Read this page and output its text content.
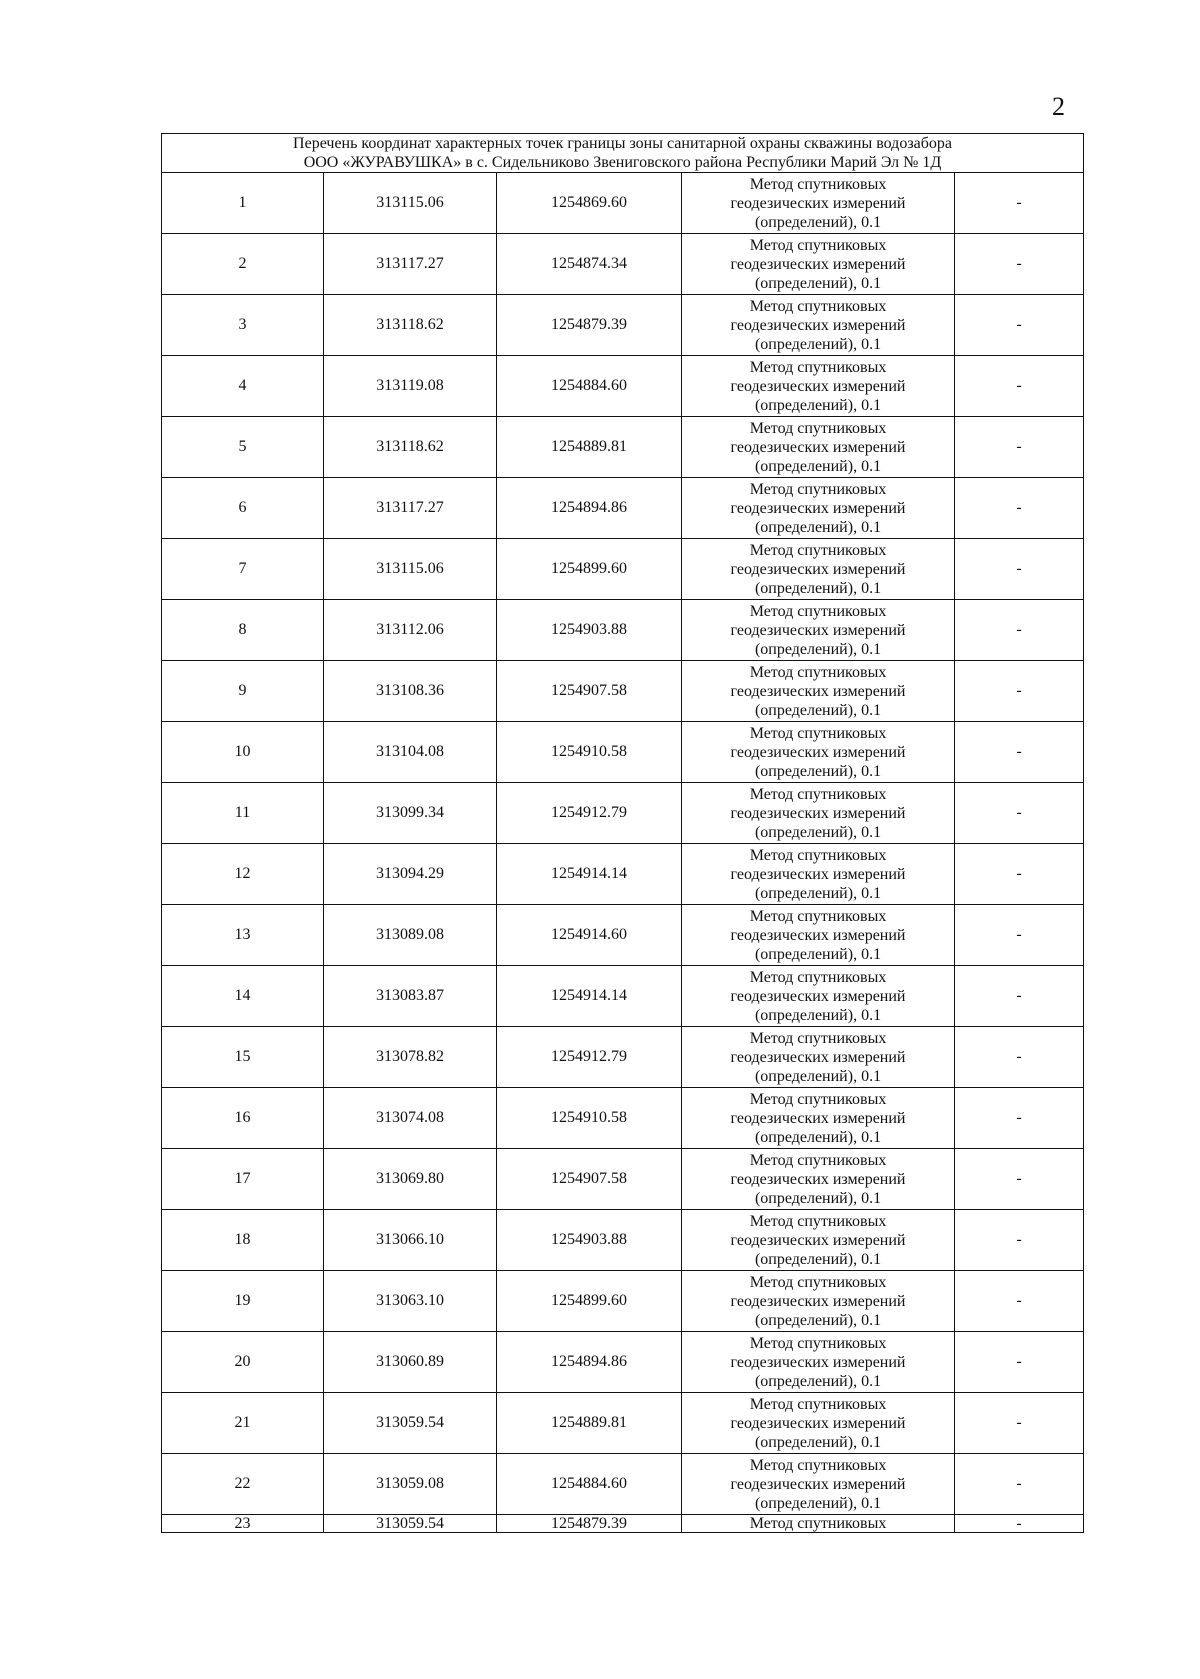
2
Перечень координат характерных точек границы зоны санитарной охраны скважины водозабора
ООО «ЖУРАВУШКА» в с. Сидельниково Звениговского района Республики Марий Эл № 1Д				

1	313115.06	1254869.60	Метод спутниковых
геодезических измерений
(определений), 0.1	-
2	313117.27	1254874.34	Метод спутниковых
геодезических измерений
(определений), 0.1	-
3	313118.62	1254879.39	Метод спутниковых
геодезических измерений
(определений), 0.1	-
4	313119.08	1254884.60	Метод спутниковых
геодезических измерений
(определений), 0.1	-
5	313118.62	1254889.81	Метод спутниковых
геодезических измерений
(определений), 0.1	-
6	313117.27	1254894.86	Метод спутниковых
геодезических измерений
(определений), 0.1	-
7	313115.06	1254899.60	Метод спутниковых
геодезических измерений
(определений), 0.1	-
8	313112.06	1254903.88	Метод спутниковых
геодезических измерений
(определений), 0.1	-
9	313108.36	1254907.58	Метод спутниковых
геодезических измерений
(определений), 0.1	-
10	313104.08	1254910.58	Метод спутниковых
геодезических измерений
(определений), 0.1	-
11	313099.34	1254912.79	Метод спутниковых
геодезических измерений
(определений), 0.1	-
12	313094.29	1254914.14	Метод спутниковых
геодезических измерений
(определений), 0.1	-
13	313089.08	1254914.60	Метод спутниковых
геодезических измерений
(определений), 0.1	-
14	313083.87	1254914.14	Метод спутниковых
геодезических измерений
(определений), 0.1	-
15	313078.82	1254912.79	Метод спутниковых
геодезических измерений
(определений), 0.1	-
16	313074.08	1254910.58	Метод спутниковых
геодезических измерений
(определений), 0.1	-
17	313069.80	1254907.58	Метод спутниковых
геодезических измерений
(определений), 0.1	-
18	313066.10	1254903.88	Метод спутниковых
геодезических измерений
(определений), 0.1	-
19	313063.10	1254899.60	Метод спутниковых
геодезических измерений
(определений), 0.1	-
20	313060.89	1254894.86	Метод спутниковых
геодезических измерений
(определений), 0.1	-
21	313059.54	1254889.81	Метод спутниковых
геодезических измерений
(определений), 0.1	-
22	313059.08	1254884.60	Метод спутниковых
геодезических измерений
(определений), 0.1	-
23	313059.54	1254879.39	Метод спутниковых	-
